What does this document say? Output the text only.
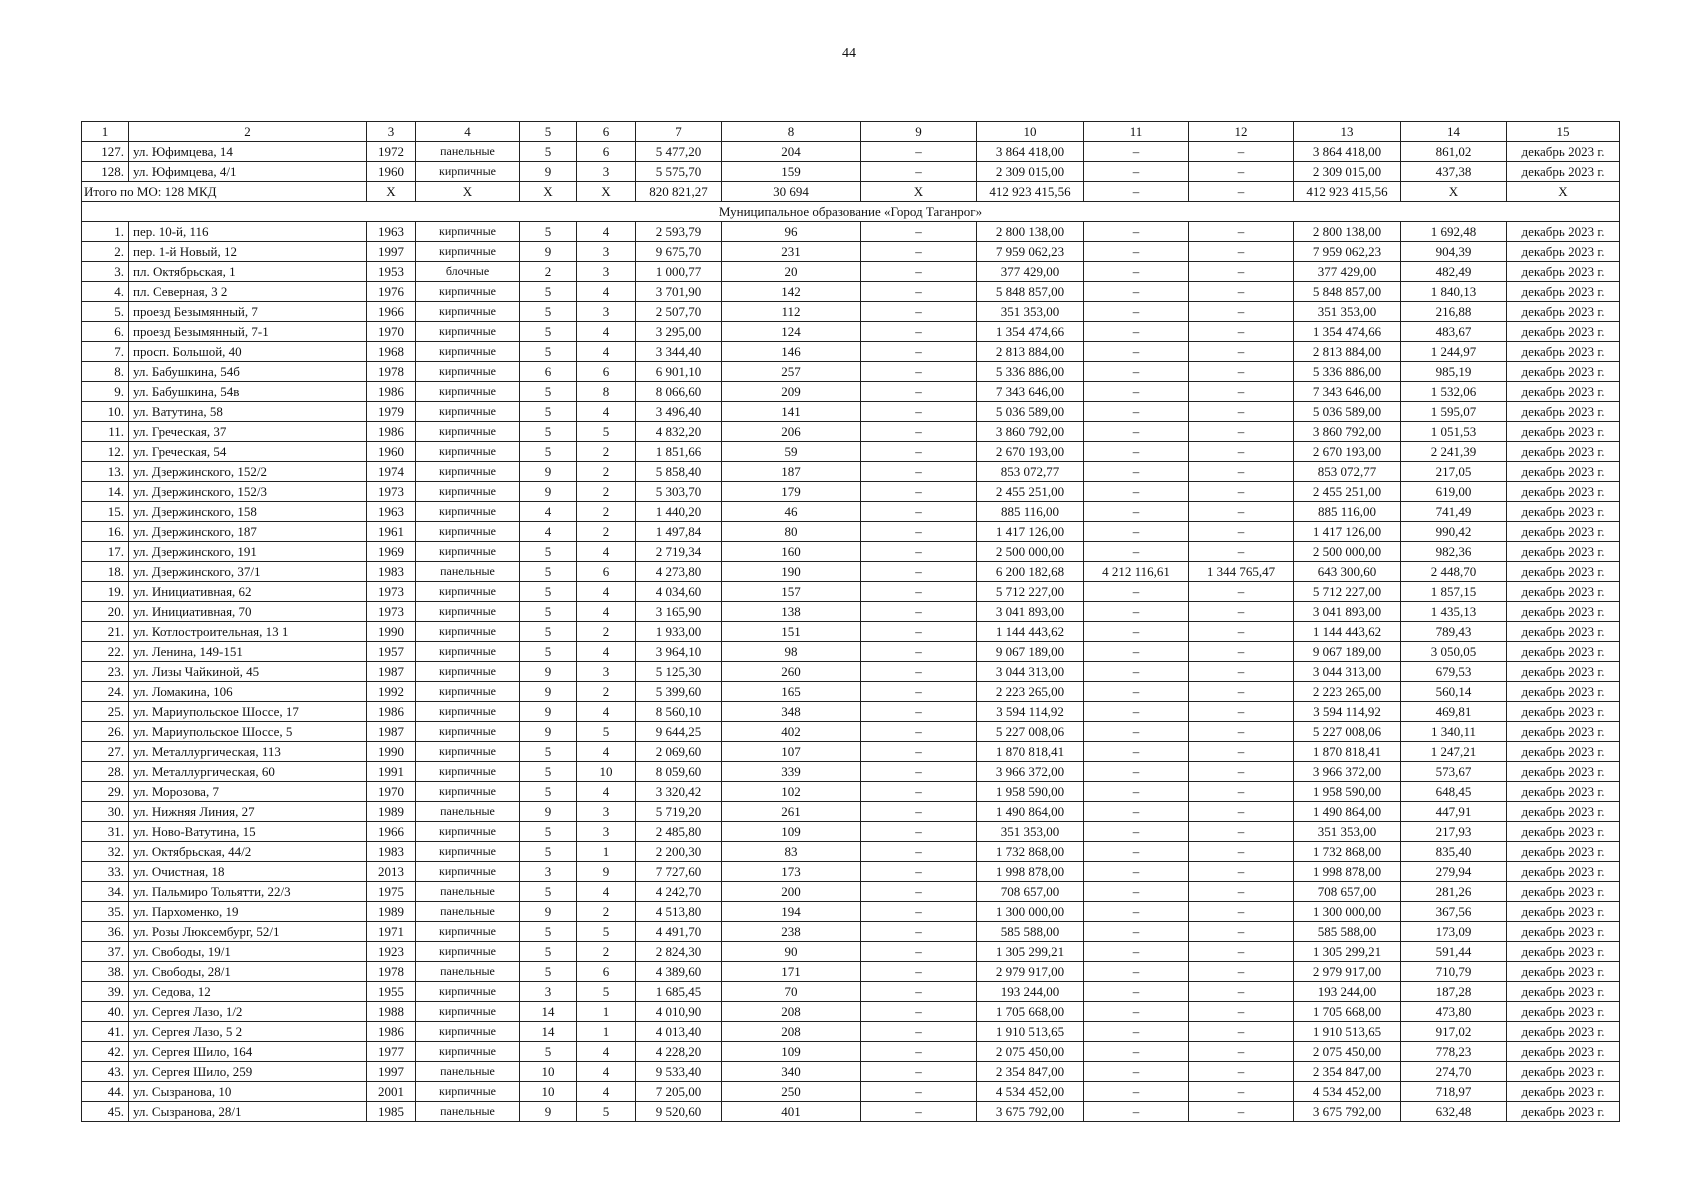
44
1	2	3	4	5	6	7	8	9	10	11	12	13	14	15
127.	ул. Юфимцева, 14	1972	панельные	5	6	5 477,20	204	–	3 864 418,00	–	–	3 864 418,00	861,02	декабрь 2023 г.
128.	ул. Юфимцева, 4/1	1960	кирпичные	9	3	5 575,70	159	–	2 309 015,00	–	–	2 309 015,00	437,38	декабрь 2023 г.
Итого по МО: 128 МКД		X	X	X	X	820 821,27	30 694	X	412 923 415,56	–	–	412 923 415,56	X	X
Муниципальное образование «Город Таганрог»														
1.	пер. 10-й, 116	1963	кирпичные	5	4	2 593,79	96	–	2 800 138,00	–	–	2 800 138,00	1 692,48	декабрь 2023 г.
2.	пер. 1-й Новый, 12	1997	кирпичные	9	3	9 675,70	231	–	7 959 062,23	–	–	7 959 062,23	904,39	декабрь 2023 г.
3.	пл. Октябрьская, 1	1953	блочные	2	3	1 000,77	20	–	377 429,00	–	–	377 429,00	482,49	декабрь 2023 г.
4.	пл. Северная, 3 2	1976	кирпичные	5	4	3 701,90	142	–	5 848 857,00	–	–	5 848 857,00	1 840,13	декабрь 2023 г.
5.	проезд Безымянный, 7	1966	кирпичные	5	3	2 507,70	112	–	351 353,00	–	–	351 353,00	216,88	декабрь 2023 г.
6.	проезд Безымянный, 7-1	1970	кирпичные	5	4	3 295,00	124	–	1 354 474,66	–	–	1 354 474,66	483,67	декабрь 2023 г.
7.	просп. Большой, 40	1968	кирпичные	5	4	3 344,40	146	–	2 813 884,00	–	–	2 813 884,00	1 244,97	декабрь 2023 г.
8.	ул. Бабушкина, 54б	1978	кирпичные	6	6	6 901,10	257	–	5 336 886,00	–	–	5 336 886,00	985,19	декабрь 2023 г.
9.	ул. Бабушкина, 54в	1986	кирпичные	5	8	8 066,60	209	–	7 343 646,00	–	–	7 343 646,00	1 532,06	декабрь 2023 г.
10.	ул. Ватутина, 58	1979	кирпичные	5	4	3 496,40	141	–	5 036 589,00	–	–	5 036 589,00	1 595,07	декабрь 2023 г.
11.	ул. Греческая, 37	1986	кирпичные	5	5	4 832,20	206	–	3 860 792,00	–	–	3 860 792,00	1 051,53	декабрь 2023 г.
12.	ул. Греческая, 54	1960	кирпичные	5	2	1 851,66	59	–	2 670 193,00	–	–	2 670 193,00	2 241,39	декабрь 2023 г.
13.	ул. Дзержинского, 152/2	1974	кирпичные	9	2	5 858,40	187	–	853 072,77	–	–	853 072,77	217,05	декабрь 2023 г.
14.	ул. Дзержинского, 152/3	1973	кирпичные	9	2	5 303,70	179	–	2 455 251,00	–	–	2 455 251,00	619,00	декабрь 2023 г.
15.	ул. Дзержинского, 158	1963	кирпичные	4	2	1 440,20	46	–	885 116,00	–	–	885 116,00	741,49	декабрь 2023 г.
16.	ул. Дзержинского, 187	1961	кирпичные	4	2	1 497,84	80	–	1 417 126,00	–	–	1 417 126,00	990,42	декабрь 2023 г.
17.	ул. Дзержинского, 191	1969	кирпичные	5	4	2 719,34	160	–	2 500 000,00	–	–	2 500 000,00	982,36	декабрь 2023 г.
18.	ул. Дзержинского, 37/1	1983	панельные	5	6	4 273,80	190	–	6 200 182,68	4 212 116,61	1 344 765,47	643 300,60	2 448,70	декабрь 2023 г.
19.	ул. Инициативная, 62	1973	кирпичные	5	4	4 034,60	157	–	5 712 227,00	–	–	5 712 227,00	1 857,15	декабрь 2023 г.
20.	ул. Инициативная, 70	1973	кирпичные	5	4	3 165,90	138	–	3 041 893,00	–	–	3 041 893,00	1 435,13	декабрь 2023 г.
21.	ул. Котлостроительная, 13 1	1990	кирпичные	5	2	1 933,00	151	–	1 144 443,62	–	–	1 144 443,62	789,43	декабрь 2023 г.
22.	ул. Ленина, 149-151	1957	кирпичные	5	4	3 964,10	98	–	9 067 189,00	–	–	9 067 189,00	3 050,05	декабрь 2023 г.
23.	ул. Лизы Чайкиной, 45	1987	кирпичные	9	3	5 125,30	260	–	3 044 313,00	–	–	3 044 313,00	679,53	декабрь 2023 г.
24.	ул. Ломакина, 106	1992	кирпичные	9	2	5 399,60	165	–	2 223 265,00	–	–	2 223 265,00	560,14	декабрь 2023 г.
25.	ул. Мариупольское Шоссе, 17	1986	кирпичные	9	4	8 560,10	348	–	3 594 114,92	–	–	3 594 114,92	469,81	декабрь 2023 г.
26.	ул. Мариупольское Шоссе, 5	1987	кирпичные	9	5	9 644,25	402	–	5 227 008,06	–	–	5 227 008,06	1 340,11	декабрь 2023 г.
27.	ул. Металлургическая, 113	1990	кирпичные	5	4	2 069,60	107	–	1 870 818,41	–	–	1 870 818,41	1 247,21	декабрь 2023 г.
28.	ул. Металлургическая, 60	1991	кирпичные	5	10	8 059,60	339	–	3 966 372,00	–	–	3 966 372,00	573,67	декабрь 2023 г.
29.	ул. Морозова, 7	1970	кирпичные	5	4	3 320,42	102	–	1 958 590,00	–	–	1 958 590,00	648,45	декабрь 2023 г.
30.	ул. Нижняя Линия, 27	1989	панельные	9	3	5 719,20	261	–	1 490 864,00	–	–	1 490 864,00	447,91	декабрь 2023 г.
31.	ул. Ново-Ватутина, 15	1966	кирпичные	5	3	2 485,80	109	–	351 353,00	–	–	351 353,00	217,93	декабрь 2023 г.
32.	ул. Октябрьская, 44/2	1983	кирпичные	5	1	2 200,30	83	–	1 732 868,00	–	–	1 732 868,00	835,40	декабрь 2023 г.
33.	ул. Очистная, 18	2013	кирпичные	3	9	7 727,60	173	–	1 998 878,00	–	–	1 998 878,00	279,94	декабрь 2023 г.
34.	ул. Пальмиро Тольятти, 22/3	1975	панельные	5	4	4 242,70	200	–	708 657,00	–	–	708 657,00	281,26	декабрь 2023 г.
35.	ул. Пархоменко, 19	1989	панельные	9	2	4 513,80	194	–	1 300 000,00	–	–	1 300 000,00	367,56	декабрь 2023 г.
36.	ул. Розы Люксембург, 52/1	1971	кирпичные	5	5	4 491,70	238	–	585 588,00	–	–	585 588,00	173,09	декабрь 2023 г.
37.	ул. Свободы, 19/1	1923	кирпичные	5	2	2 824,30	90	–	1 305 299,21	–	–	1 305 299,21	591,44	декабрь 2023 г.
38.	ул. Свободы, 28/1	1978	панельные	5	6	4 389,60	171	–	2 979 917,00	–	–	2 979 917,00	710,79	декабрь 2023 г.
39.	ул. Седова, 12	1955	кирпичные	3	5	1 685,45	70	–	193 244,00	–	–	193 244,00	187,28	декабрь 2023 г.
40.	ул. Сергея Лазо, 1/2	1988	кирпичные	14	1	4 010,90	208	–	1 705 668,00	–	–	1 705 668,00	473,80	декабрь 2023 г.
41.	ул. Сергея Лазо, 5 2	1986	кирпичные	14	1	4 013,40	208	–	1 910 513,65	–	–	1 910 513,65	917,02	декабрь 2023 г.
42.	ул. Сергея Шило, 164	1977	кирпичные	5	4	4 228,20	109	–	2 075 450,00	–	–	2 075 450,00	778,23	декабрь 2023 г.
43.	ул. Сергея Шило, 259	1997	панельные	10	4	9 533,40	340	–	2 354 847,00	–	–	2 354 847,00	274,70	декабрь 2023 г.
44.	ул. Сызранова, 10	2001	кирпичные	10	4	7 205,00	250	–	4 534 452,00	–	–	4 534 452,00	718,97	декабрь 2023 г.
45.	ул. Сызранова, 28/1	1985	панельные	9	5	9 520,60	401	–	3 675 792,00	–	–	3 675 792,00	632,48	декабрь 2023 г.
